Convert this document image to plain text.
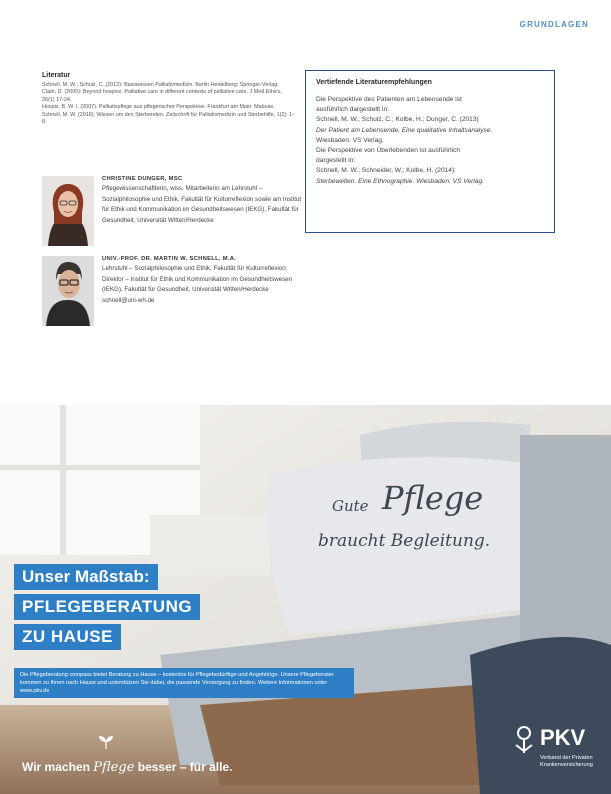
GRUNDLAGEN
Literatur

Schnell, M. W.; Schulz, C. (2012): Basiswissen Palliativmedizin. Berlin Heidelberg: Springer-Verlag.

Clark, D. (2000): Beyond hospice. Palliative care in different contexts of palliative care. J Med Ethics, 26(1) 17-24.

Hospiz, B. W. I. (2007): Palliativpflege aus pflegerischer Perspektive. Frankfurt am Main: Mabuse.

Schnell, M. W. (2016): Wissen um den Sterbenden. Zeitschrift für Palliativmedizin und Sterbehilfe, 1(2): 1-8.

CHRISTINE DUNGER, MSC
Pflegewissenschaftlerin, wiss. Mitarbeiterin am Lehrstuhl – Sozialphilosophie und Ethik, Fakultät für Kulturreflexion sowie am Institut für Ethik und Kommunikation im Gesundheitswesen (IEKG), Fakultät für Gesundheit, Universität Witten/Herdecke
UNIV.-PROF. DR. MARTIN W. SCHNELL, M.A.
Lehrstuhl – Sozialphilosophie und Ethik, Fakultät für Kulturreflexion; Direktor – Institut für Ethik und Kommunikation im Gesundheitswesen (IEKG), Fakultät für Gesundheit, Universität Witten/Herdecke schnell@uni-wh.de
Vertiefende Literaturempfehlungen
Die Perspektive des Patienten am Lebensende ist
ausführlich dargestellt in:
Schnell, M. W.; Schulz, C.; Kolbe, H.; Dunger, C. (2013)
Der Patient am Lebensende. Eine qualitative Inhaltsanalyse.
Wiesbaden: VS Verlag.
Die Perspektive von Überlebenden ist ausführlich
dargestellt in:
Schnell, M. W.; Schneider, W.; Kolbe, H. (2014):
Sterbewelten. Eine Ethnographie. Wiesbaden: VS Verlag.
Gute Pflege
braucht Begleitung.
Unser Maßstab:
PFLEGEBERATUNG
ZU HAUSE
Die Pflegeberatung compass bietet Beratung zu Hause – kostenlos für Pflegebedürftige und Angehörige. Unsere Pflegeberater kommen zu Ihnen nach Hause und unterstützen Sie dabei, die passende Versorgung zu finden. Weitere Informationen unter www.pkv.de
Wir machen Pflege besser – für alle.
PKV
Verband der Privaten Krankenversicherung
